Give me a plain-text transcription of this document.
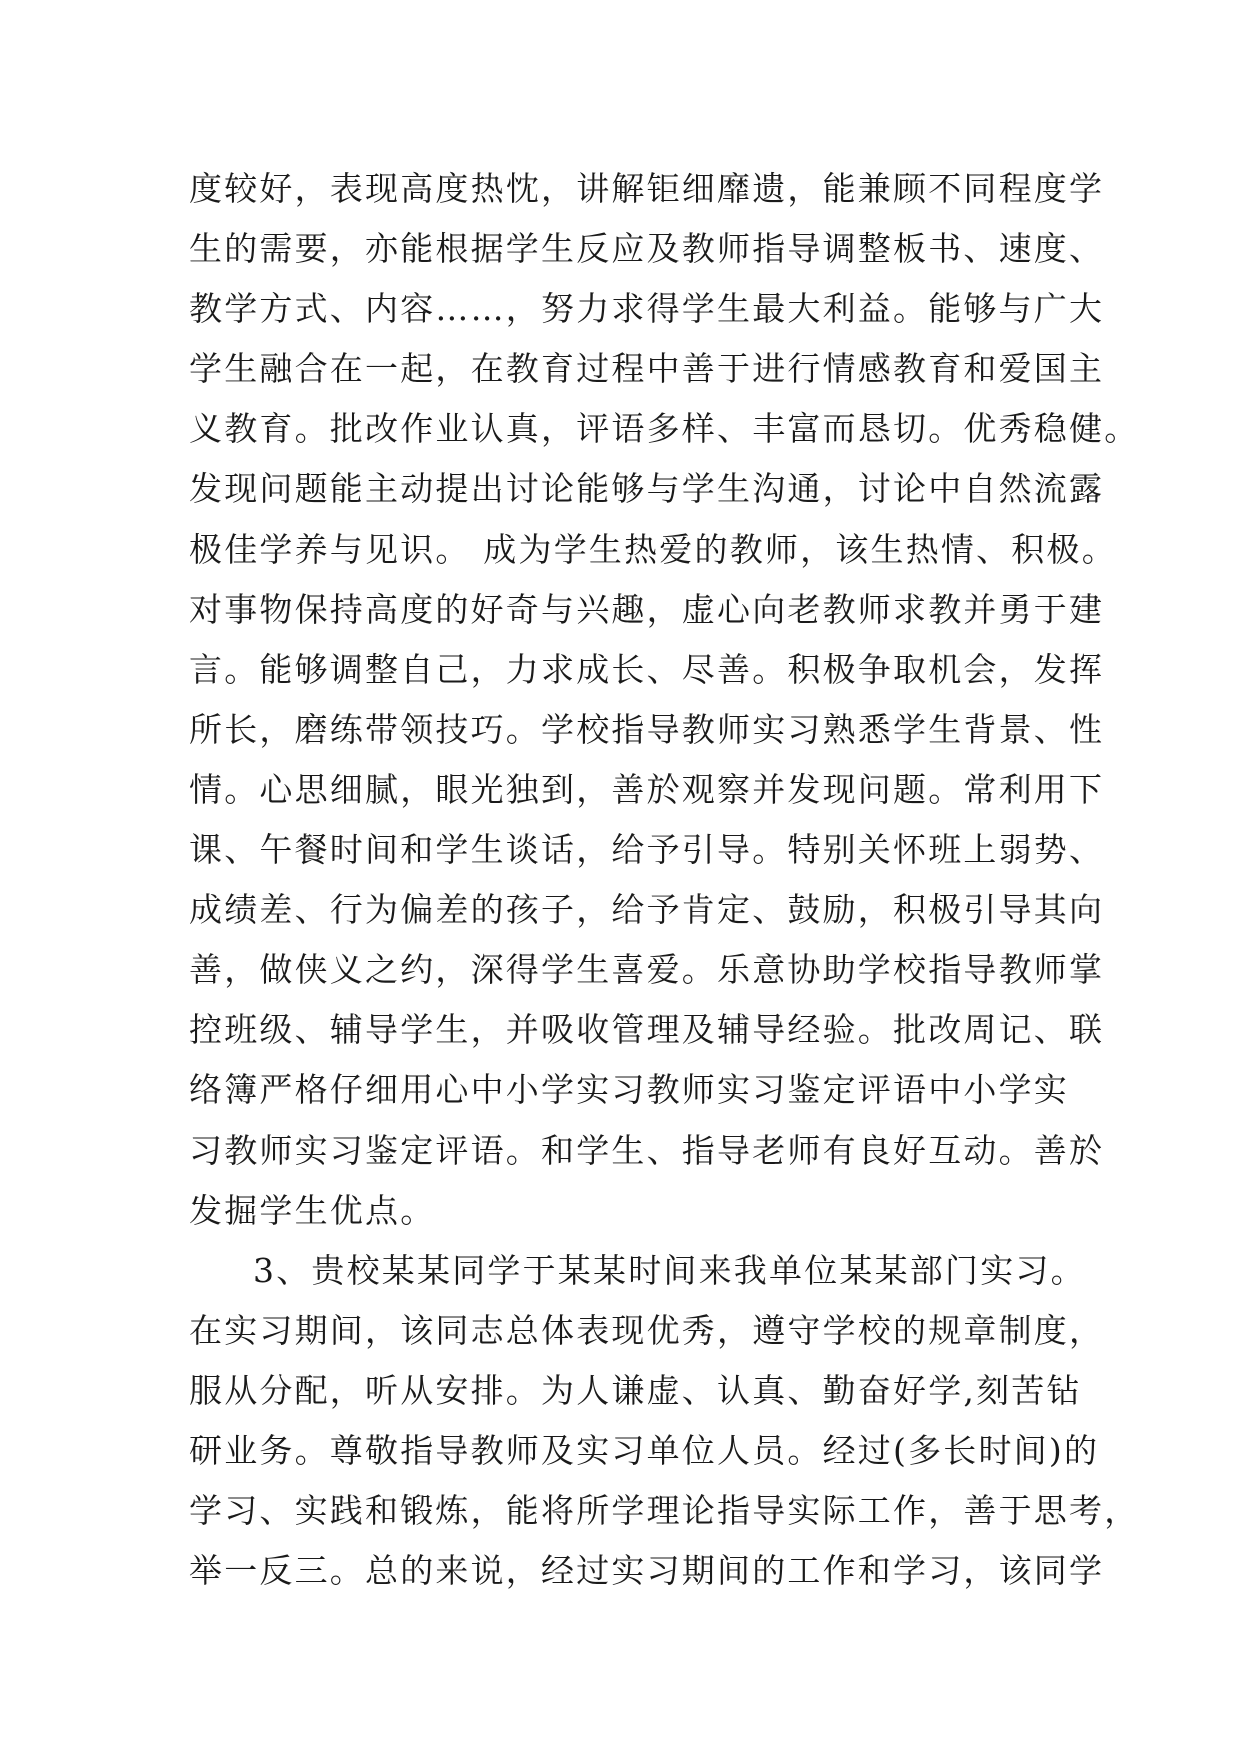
度较好，表现高度热忱，讲解钜细靡遗，能兼顾不同程度学
生的需要，亦能根据学生反应及教师指导调整板书、速度、
教学方式、内容……，努力求得学生最大利益。能够与广大
学生融合在一起，在教育过程中善于进行情感教育和爱国主
义教育。批改作业认真，评语多样、丰富而恳切。优秀稳健。
发现问题能主动提出讨论能够与学生沟通，讨论中自然流露
极佳学养与见识。 成为学生热爱的教师，该生热情、积极。
对事物保持高度的好奇与兴趣，虚心向老教师求教并勇于建
言。能够调整自己，力求成长、尽善。积极争取机会，发挥
所长，磨练带领技巧。学校指导教师实习熟悉学生背景、性
情。心思细腻，眼光独到，善於观察并发现问题。常利用下
课、午餐时间和学生谈话，给予引导。特别关怀班上弱势、
成绩差、行为偏差的孩子，给予肯定、鼓励，积极引导其向
善，做侠义之约，深得学生喜爱。乐意协助学校指导教师掌
控班级、辅导学生，并吸收管理及辅导经验。批改周记、联
络簿严格仔细用心中小学实习教师实习鉴定评语中小学实
习教师实习鉴定评语。和学生、指导老师有良好互动。善於
发掘学生优点。
3、贵校某某同学于某某时间来我单位某某部门实习。
在实习期间，该同志总体表现优秀，遵守学校的规章制度，
服从分配，听从安排。为人谦虚、认真、勤奋好学,刻苦钻
研业务。尊敬指导教师及实习单位人员。经过(多长时间)的
学习、实践和锻炼，能将所学理论指导实际工作，善于思考，
举一反三。总的来说，经过实习期间的工作和学习，该同学
